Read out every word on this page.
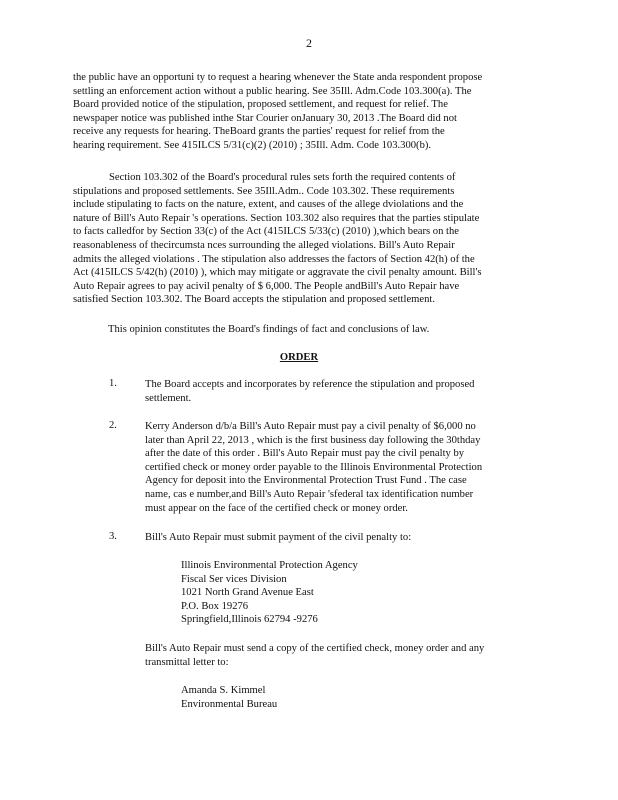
2
the public have an opportuni ty to request a hearing whenever the State anda respondent propose
settling an enforcement action without a public hearing. See 35Ill. Adm.Code 103.300(a). The
Board provided notice of the stipulation, proposed settlement, and request for relief. The
newspaper notice was published inthe Star Courier onJanuary 30, 2013 .The Board did not
receive any requests for hearing. TheBoard grants the parties' request for relief from the
hearing requirement. See 415ILCS 5/31(c)(2) (2010) ; 35Ill. Adm. Code 103.300(b).
Section 103.302 of the Board's procedural rules sets forth the required contents of
stipulations and proposed settlements. See 35Ill.Adm.. Code 103.302. These requirements
include stipulating to facts on the nature, extent, and causes of the allege dviolations and the
nature of Bill's Auto Repair 's operations. Section 103.302 also requires that the parties stipulate
to facts calledfor by Section 33(c) of the Act (415ILCS 5/33(c) (2010) ),which bears on the
reasonableness of thecircumsta nces surrounding the alleged violations. Bill's Auto Repair
admits the alleged violations . The stipulation also addresses the factors of Section 42(h) of the
Act (415ILCS 5/42(h) (2010) ), which may mitigate or aggravate the civil penalty amount. Bill's
Auto Repair agrees to pay acivil penalty of $ 6,000. The People andBill's Auto Repair have
satisfied Section 103.302. The Board accepts the stipulation and proposed settlement.
This opinion constitutes the Board's findings of fact and conclusions of law.
ORDER
1.	The Board accepts and incorporates by reference the stipulation and proposed
settlement.
2.	Kerry Anderson d/b/a Bill's Auto Repair must pay a civil penalty of $6,000 no
later than April 22, 2013 , which is the first business day following the 30thday
after the date of this order . Bill's Auto Repair must pay the civil penalty by
certified check or money order payable to the Illinois Environmental Protection
Agency for deposit into the Environmental Protection Trust Fund . The case
name, cas e number,and Bill's Auto Repair 'sfederal tax identification number
must appear on the face of the certified check or money order.
3.	Bill's Auto Repair must submit payment of the civil penalty to:
Illinois Environmental Protection Agency
Fiscal Ser vices Division
1021 North Grand Avenue East
P.O. Box 19276
Springfield,Illinois 62794 -9276
Bill's Auto Repair must send a copy of the certified check, money order and any
transmittal letter to:
Amanda S. Kimmel
Environmental Bureau
